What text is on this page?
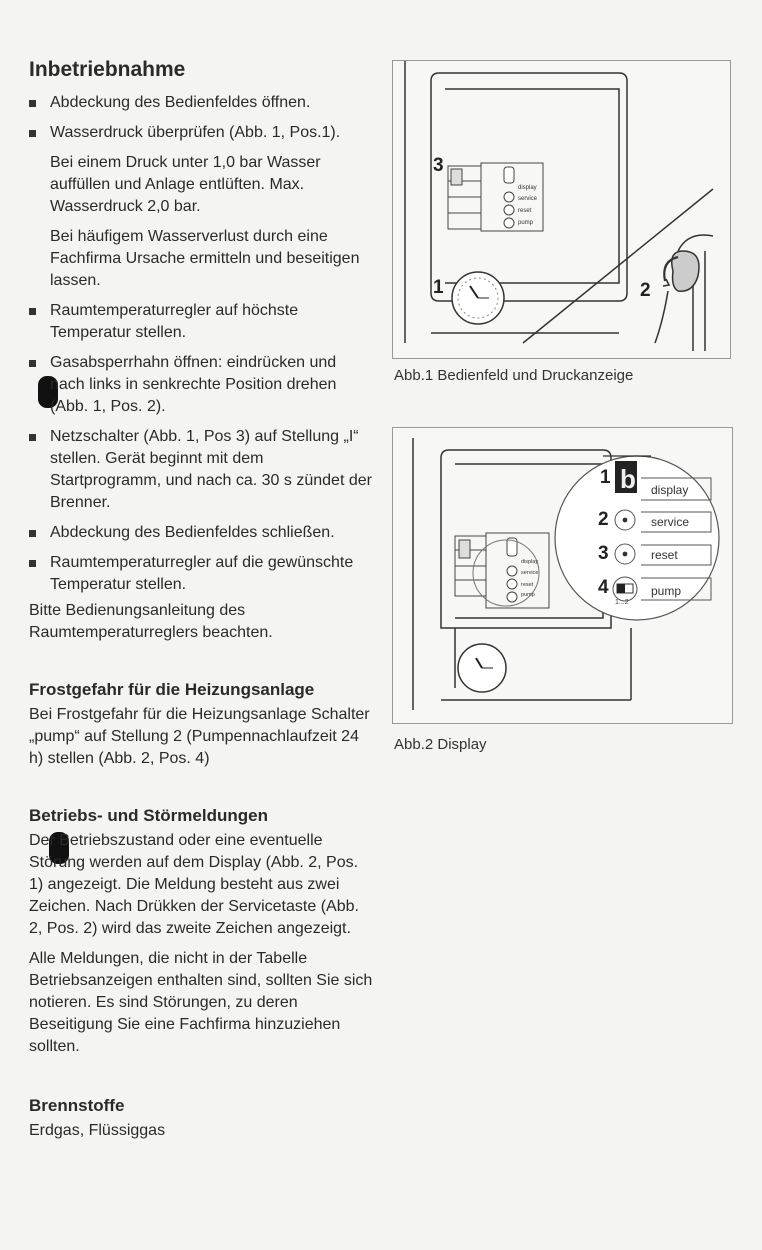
Inbetriebnahme
Abdeckung des Bedienfeldes öffnen.
Wasserdruck überprüfen (Abb. 1, Pos.1).
Bei einem Druck unter 1,0 bar Wasser auffüllen und Anlage entlüften. Max. Wasserdruck 2,0 bar.
Bei häufigem Wasserverlust durch eine Fachfirma Ursache ermitteln und beseitigen lassen.
Raumtemperaturregler auf höchste Temperatur stellen.
Gasabsperrhahn öffnen: eindrücken und nach links in senkrechte Position drehen (Abb. 1, Pos. 2).
Netzschalter (Abb. 1, Pos 3) auf Stellung „I“ stellen. Gerät beginnt mit dem Startprogramm, und nach ca. 30 s zündet der Brenner.
Abdeckung des Bedienfeldes schließen.
Raumtemperaturregler auf die gewünschte Temperatur stellen.

Bitte Bedienungsanleitung des Raumtemperaturreglers beachten.

Frostgefahr für die Heizungsanlage

Bei Frostgefahr für die Heizungsanlage Schalter „pump“ auf Stellung 2 (Pumpennachlaufzeit 24 h) stellen (Abb. 2, Pos. 4)

Betriebs- und Störmeldungen

Der Betriebszustand oder eine eventuelle Störung werden auf dem Display (Abb. 2, Pos. 1) angezeigt. Die Meldung besteht aus zwei Zeichen. Nach Drükken der Servicetaste (Abb. 2, Pos. 2) wird das zweite Zeichen angezeigt.

Alle Meldungen, die nicht in der Tabelle Betriebsanzeigen enthalten sind, sollten Sie sich notieren. Es sind Störungen, zu deren Beseitigung Sie eine Fachfirma hinzuziehen sollten.

Brennstoffe

Erdgas, Flüssiggas

display
service
reset
pump
3
1	2
Abb.1 Bedienfeld und Druckanzeige
display
service
reset
pump
b
1...2
display
service
reset
pump
1
2
3
4
Abb.2 Display
